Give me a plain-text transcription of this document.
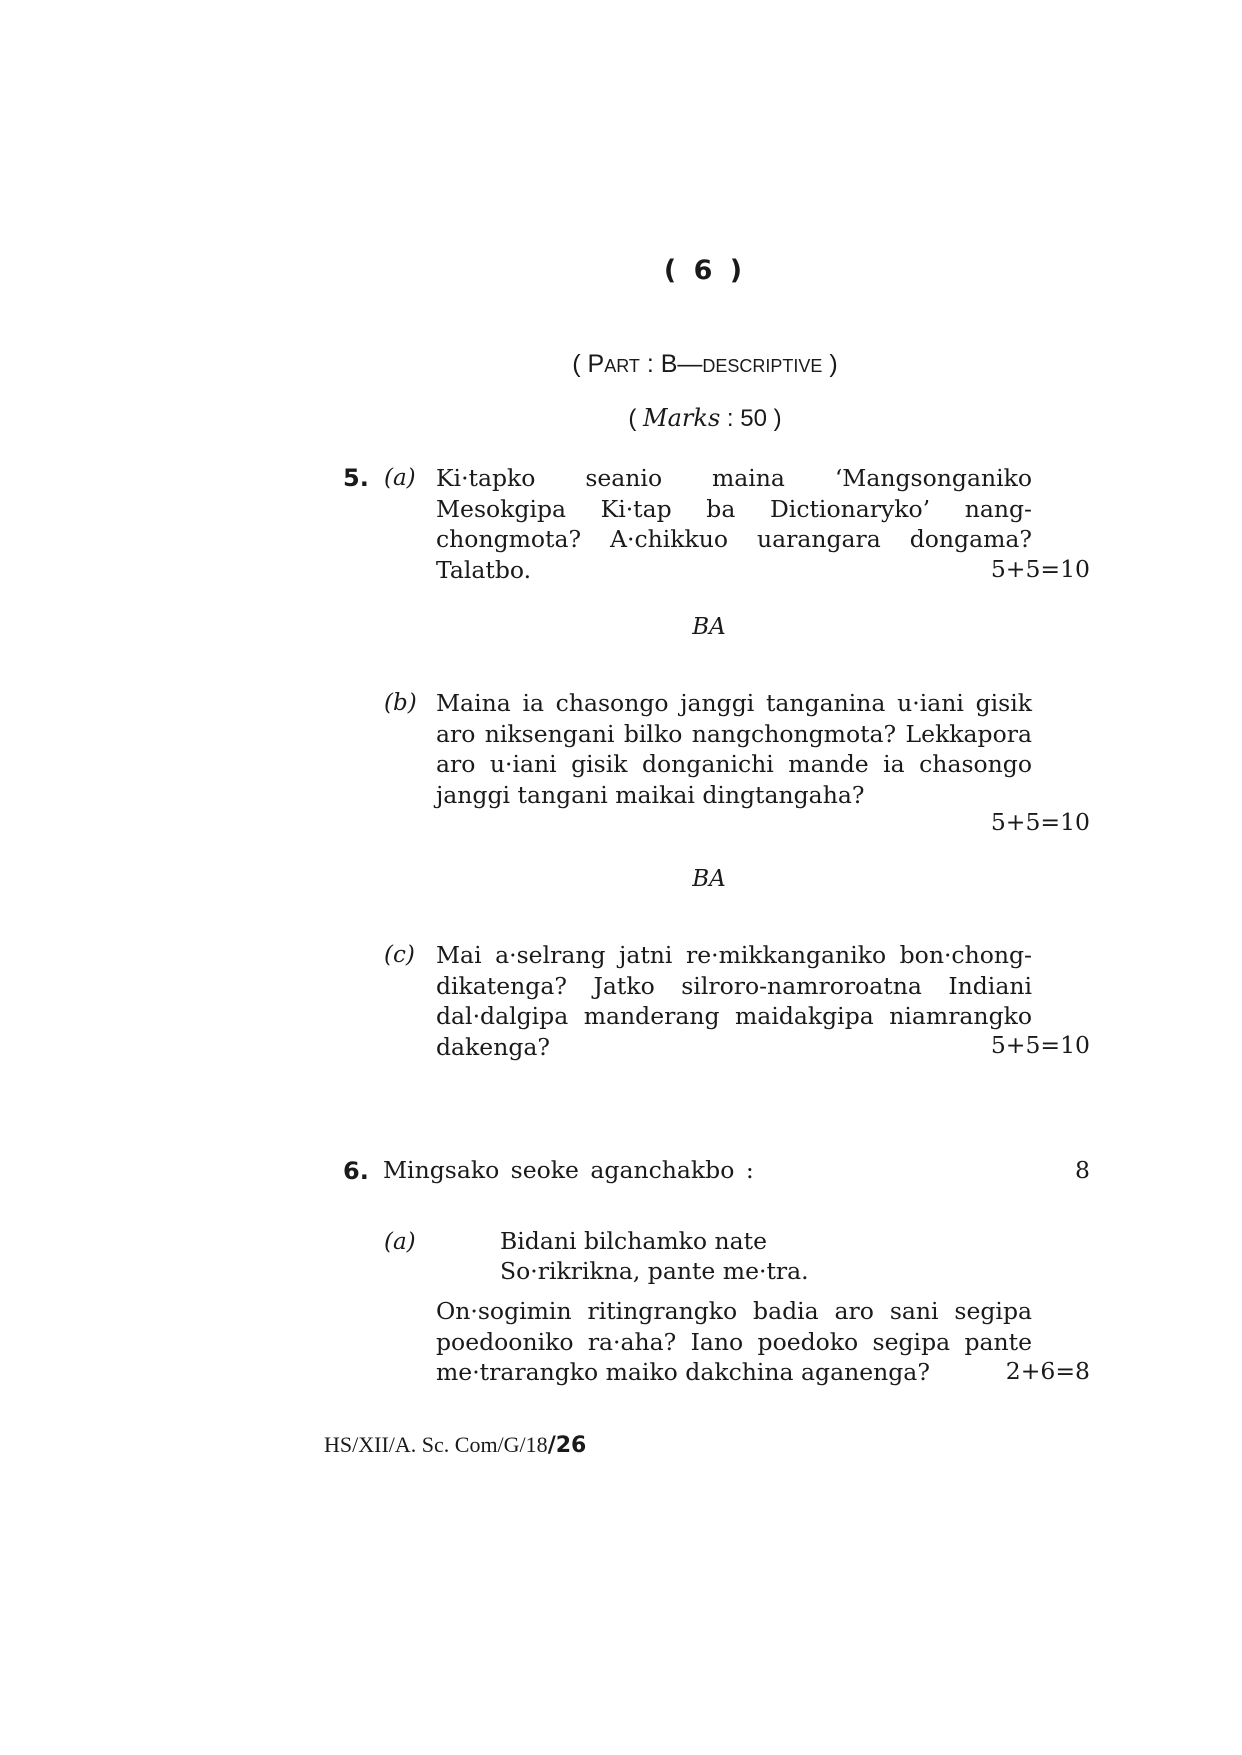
( 6 )
( Part : B—descriptive )
( Marks : 50 )
5. (a) Ki·tapko seanio maina ‘Mangsonganiko Mesokgipa Ki·tap ba Dictionaryko’ nangchongmota? A·chikkuo uarangara dongama? Talatbo.	5+5=10
BA
(b) Maina ia chasongo janggi tanganina u·iani gisik aro niksengani bilko nangchongmota? Lekkapora aro u·iani gisik donganichi mande ia chasongo janggi tangani maikai dingtangaha?
5+5=10
BA
(c) Mai a·selrang jatni re·mikkanganiko bon·chongdikatenga? Jatko silroro-namroroatna Indiani dal·dalgipa manderang maidakgipa niamrangko dakenga?	5+5=10
6. Mingsako seoke aganchakbo :	8
(a)	Bidani bilchamko nate
So·rikrikna, pante me·tra.
On·sogimin ritingrangko badia aro sani segipa poedooniko ra·aha? Iano poedoko segipa pante me·trarangko maiko dakchina aganenga?	2+6=8
HS/XII/A. Sc. Com/G/18/26
